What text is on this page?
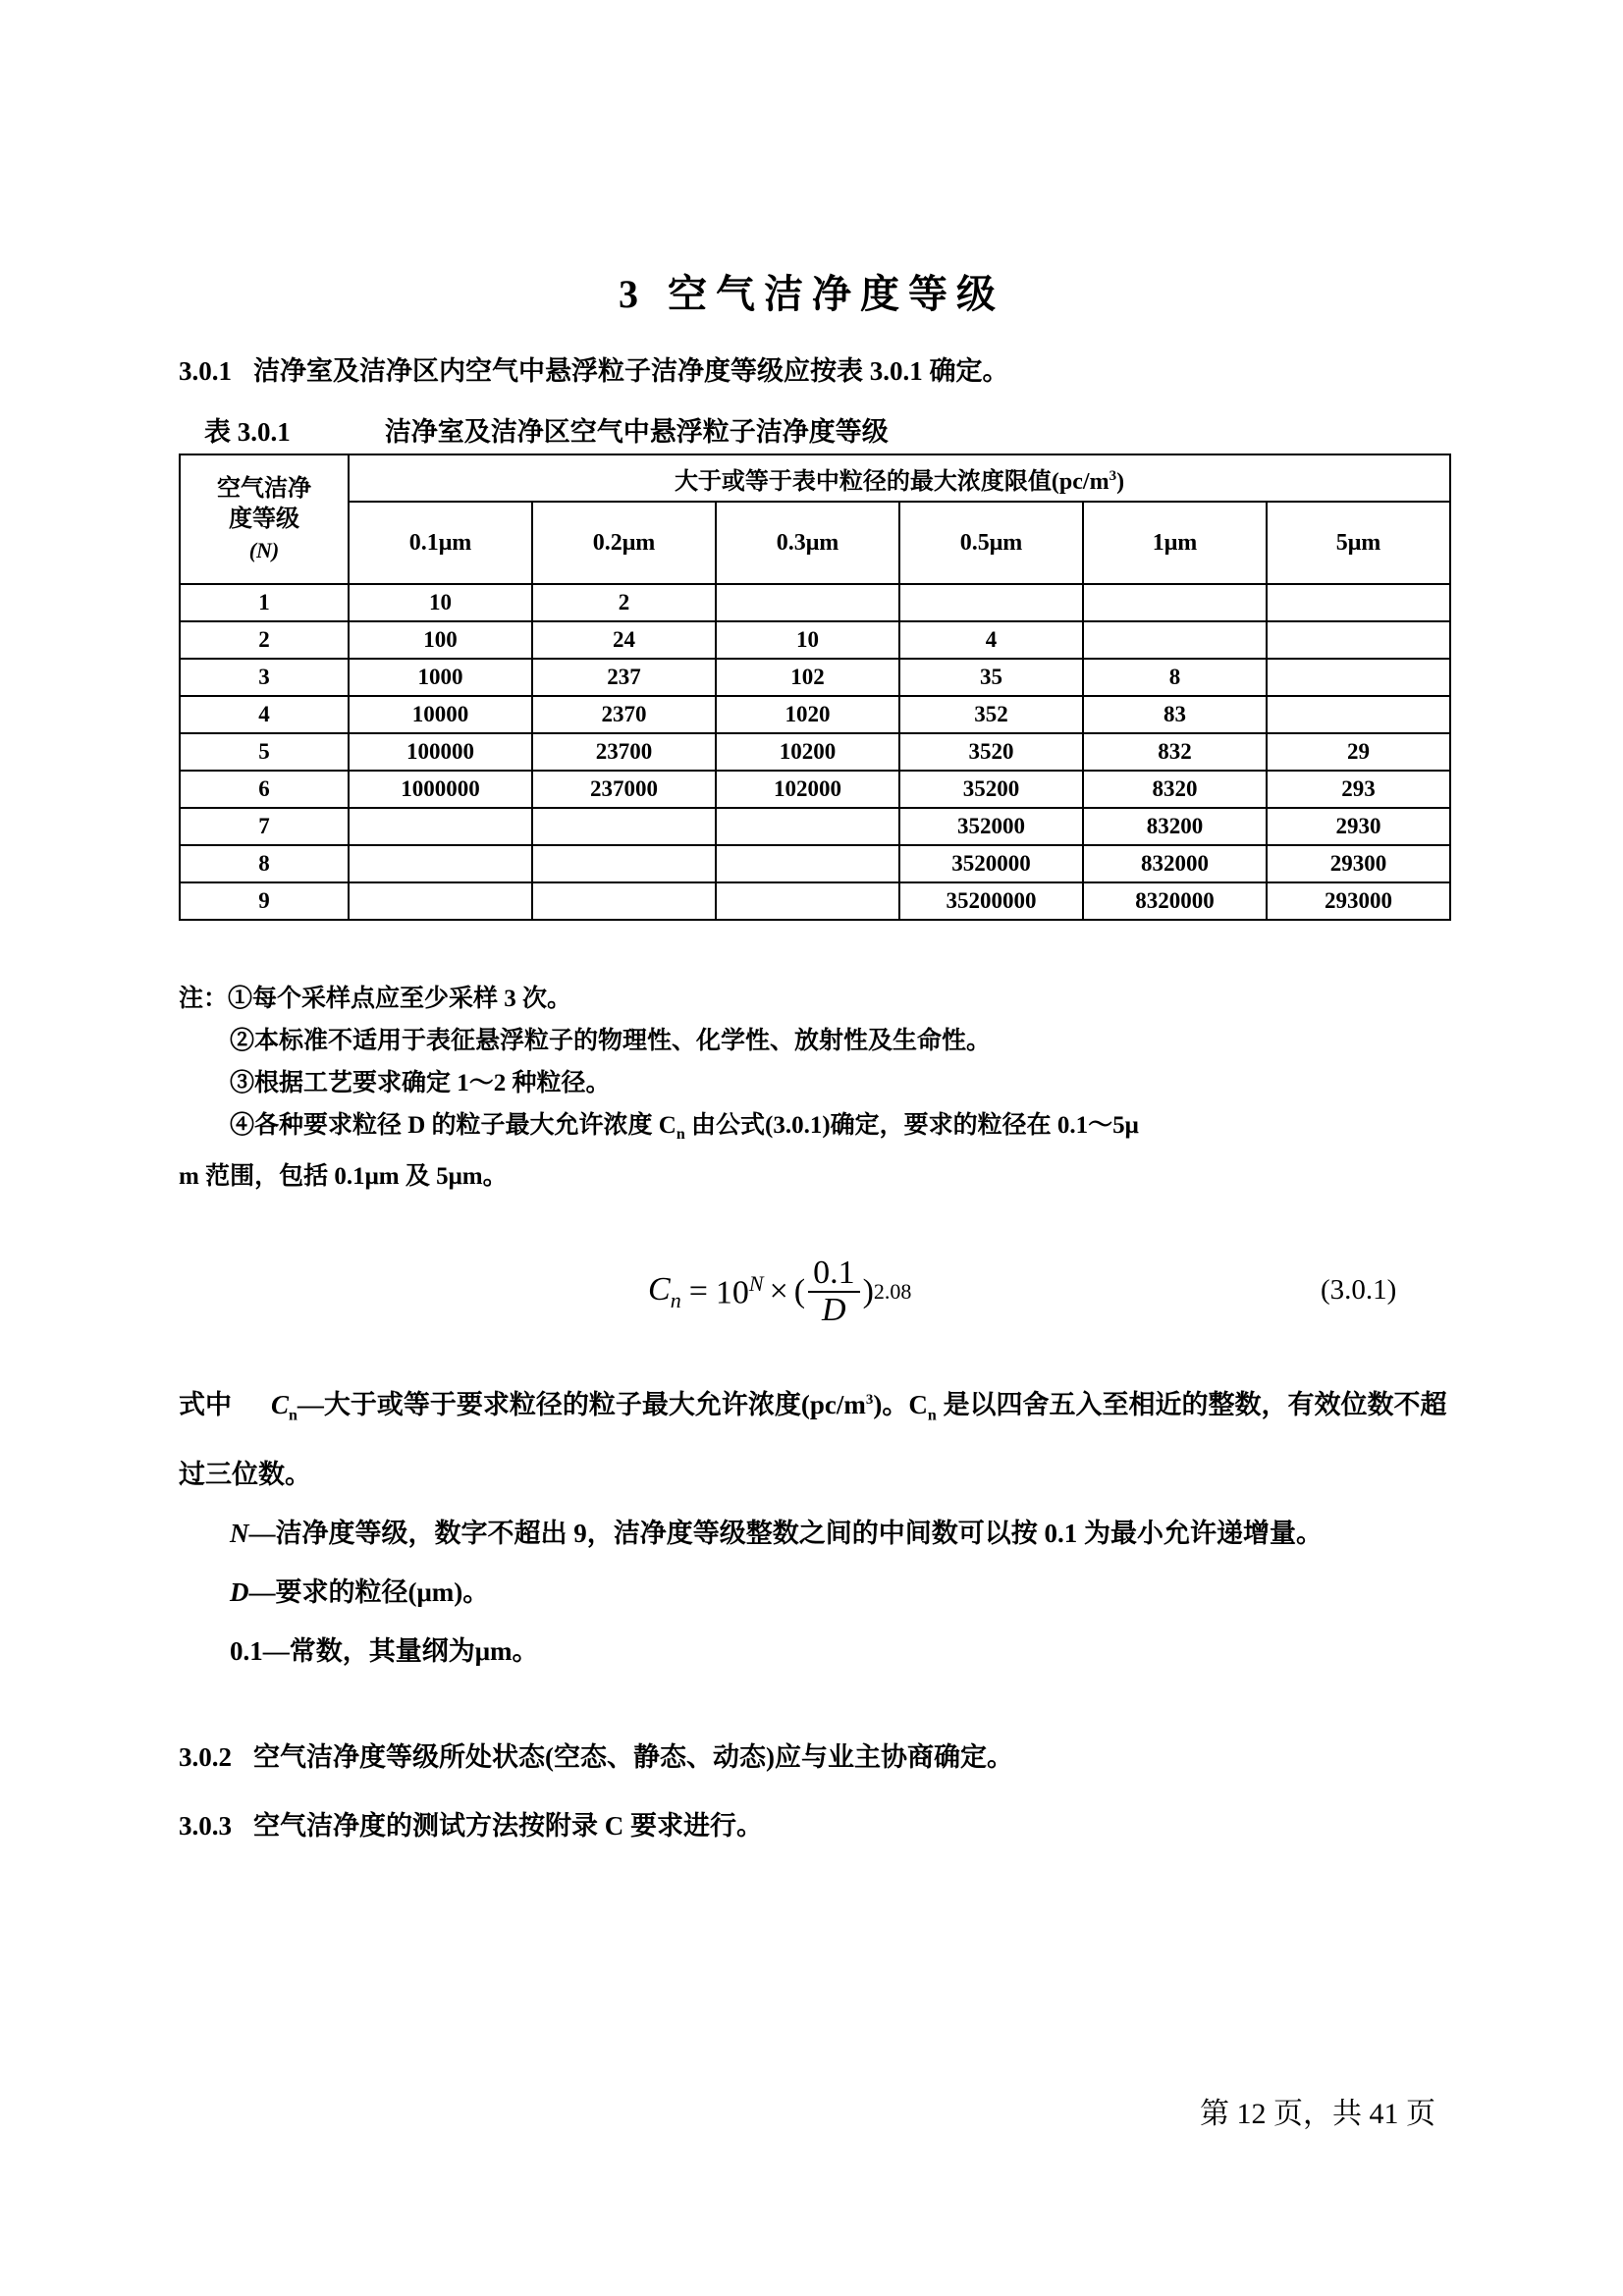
3 空气洁净度等级
3.0.1 洁净室及洁净区内空气中悬浮粒子洁净度等级应按表 3.0.1 确定。
表 3.0.1	洁净室及洁净区空气中悬浮粒子洁净度等级
空气洁净
度等级
(N)	大于或等于表中粒径的最大浓度限值$(pc/m^3)$					
	0.1μm	0.2μm	0.3μm	0.5μm	1μm	5μm
1	10	2				
2	100	24	10	4		
3	1000	237	102	35	8	
4	10000	2370	1020	352	83	
5	100000	23700	10200	3520	832	29
6	1000000	237000	102000	35200	8320	293
7				352000	83200	2930
8				3520000	832000	29300
9				35200000	8320000	293000
注：①每个采样点应至少采样 3 次。
②本标准不适用于表征悬浮粒子的物理性、化学性、放射性及生命性。
③根据工艺要求确定 1～2 种粒径。
④各种要求粒径 D 的粒子最大允许浓度 $C_n$ 由公式(3.0.1)确定，要求的粒径在 0.1～5μ
m 范围，包括 0.1μm 及 5μm。
$C_n = 10^N$ × ( $\frac{0.1}{D}$ ) 2.08	(3.0.1)
式中 $C_n—$大于或等于要求粒径的粒子最大允许浓度$(pc/m^3)$。$C_n$ 是以四舍五入至相近的整数，有效位数不超过三位数。
N—洁净度等级，数字不超出 9，洁净度等级整数之间的中间数可以按 0.1 为最小允许递增量。
D—要求的粒径(μm)。
0.1—常数，其量纲为μm。
3.0.2 空气洁净度等级所处状态(空态、静态、动态)应与业主协商确定。
3.0.3 空气洁净度的测试方法按附录 C 要求进行。
第 12 页，共 41 页
